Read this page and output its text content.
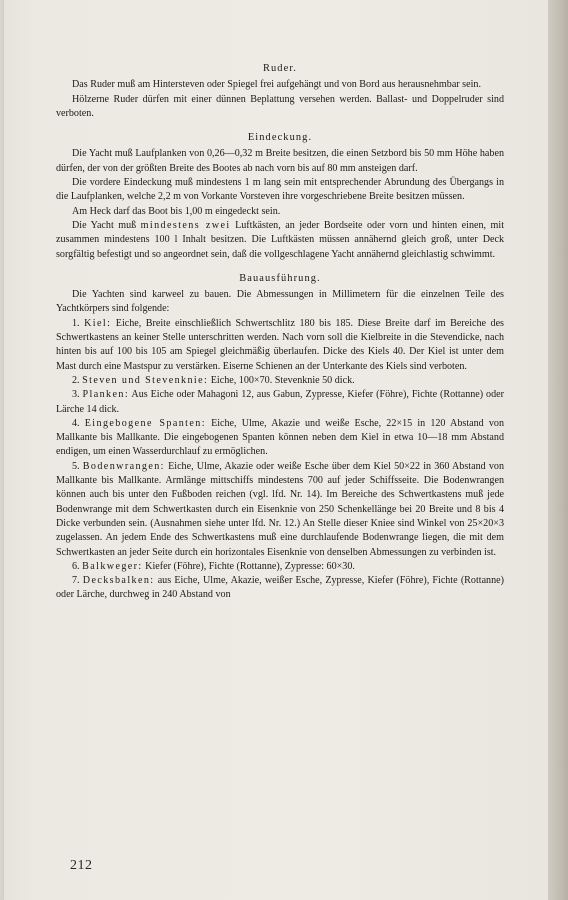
Ruder.

Das Ruder muß am Hintersteven oder Spiegel frei aufgehängt und von Bord aus herausnehmbar sein.

Hölzerne Ruder dürfen mit einer dünnen Beplattung versehen werden. Ballast- und Doppelruder sind verboten.

Eindeckung.

Die Yacht muß Laufplanken von 0,26—0,32 m Breite besitzen, die einen Setzbord bis 50 mm Höhe haben dürfen, der von der größten Breite des Bootes ab nach vorn bis auf 80 mm ansteigen darf.

Die vordere Eindeckung muß mindestens 1 m lang sein mit entsprechender Abrundung des Übergangs in die Laufplanken, welche 2,2 m von Vorkante Vorsteven ihre vorgeschriebene Breite besitzen müssen.

Am Heck darf das Boot bis 1,00 m eingedeckt sein.

Die Yacht muß mindestens zwei Luftkästen, an jeder Bordseite oder vorn und hinten einen, mit zusammen mindestens 100 l Inhalt besitzen. Die Luftkästen müssen annähernd gleich groß, unter Deck sorgfältig befestigt und so angeordnet sein, daß die vollgeschlagene Yacht annähernd gleichlastig schwimmt.

Bauausführung.

Die Yachten sind karweel zu bauen. Die Abmessungen in Millimetern für die einzelnen Teile des Yachtkörpers sind folgende:

1. Kiel: Eiche, Breite einschließlich Schwertschlitz 180 bis 185. Diese Breite darf im Bereiche des Schwertkastens an keiner Stelle unterschritten werden. Nach vorn soll die Kielbreite in die Stevendicke, nach hinten bis auf 100 bis 105 am Spiegel gleichmäßig überlaufen. Dicke des Kiels 40. Der Kiel ist unter dem Mast durch eine Mastspur zu verstärken. Eiserne Schienen an der Unterkante des Kiels sind verboten.

2. Steven und Stevenknie: Eiche, 100×70. Stevenknie 50 dick.

3. Planken: Aus Eiche oder Mahagoni 12, aus Gabun, Zypresse, Kiefer (Föhre), Fichte (Rottanne) oder Lärche 14 dick.

4. Eingebogene Spanten: Eiche, Ulme, Akazie und weiße Esche, 22×15 in 120 Abstand von Mallkante bis Mallkante. Die eingebogenen Spanten können neben dem Kiel in etwa 10—18 mm Abstand endigen, um einen Wasserdurchlauf zu ermöglichen.

5. Bodenwrangen: Eiche, Ulme, Akazie oder weiße Esche über dem Kiel 50×22 in 360 Abstand von Mallkante bis Mallkante. Armlänge mittschiffs mindestens 700 auf jeder Schiffsseite. Die Bodenwrangen können auch bis unter den Fußboden reichen (vgl. lfd. Nr. 14). Im Bereiche des Schwertkastens muß jede Bodenwrange mit dem Schwertkasten durch ein Eisenknie von 250 Schenkellänge bei 20 Breite und 8 bis 4 Dicke verbunden sein. (Ausnahmen siehe unter lfd. Nr. 12.) An Stelle dieser Kniee sind Winkel von 25×20×3 zugelassen. An jedem Ende des Schwertkastens muß eine durchlaufende Bodenwrange liegen, die mit dem Schwertkasten an jeder Seite durch ein horizontales Eisenknie von denselben Abmessungen zu verbinden ist.

6. Balkweger: Kiefer (Föhre), Fichte (Rottanne), Zypresse: 60×30.

7. Decksbalken: aus Eiche, Ulme, Akazie, weißer Esche, Zypresse, Kiefer (Föhre), Fichte (Rottanne) oder Lärche, durchweg in 240 Abstand von

212
